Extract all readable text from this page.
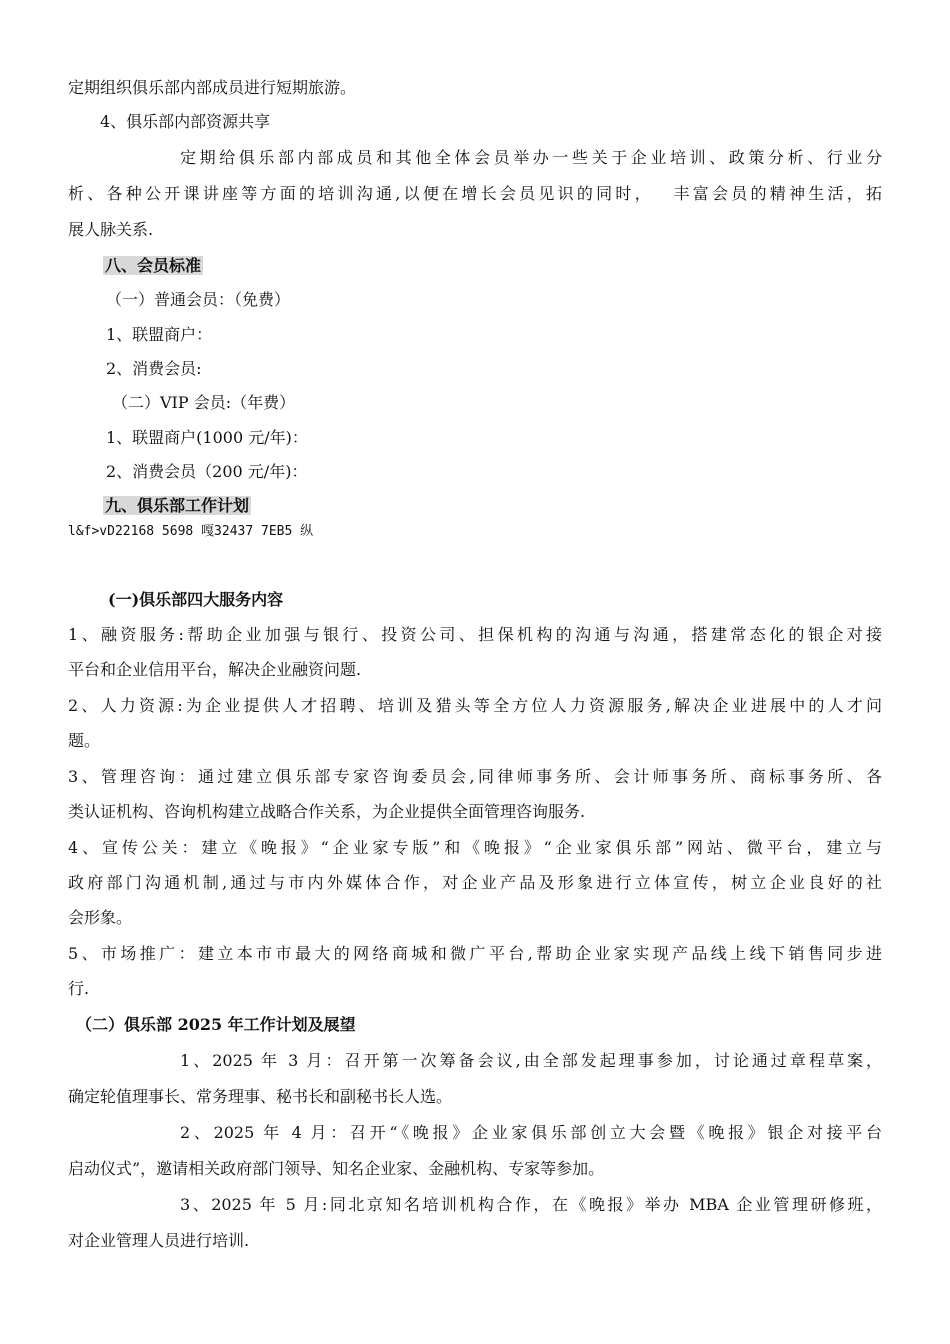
定期组织俱乐部内部成员进行短期旅游。
4、俱乐部内部资源共享
定期给俱乐部内部成员和其他全体会员举办一些关于企业培训、政策分析、行业分
析、各种公开课讲座等方面的培训沟通,以便在增长会员见识的同时，　 丰富会员的精神生活，拓
展人脉关系.
八、会员标准
（一）普通会员：（免费）
1、联盟商户：
2、消费会员:
（二）VIP 会员:（年费）
1、联盟商户(1000 元/年)：
2、消费会员（200 元/年)：
九、俱乐部工作计划
l&f>vD22168 5698 嘎32437 7EB5 纵
(一)俱乐部四大服务内容
1、融资服务:帮助企业加强与银行、投资公司、担保机构的沟通与沟通，搭建常态化的银企对接
平台和企业信用平台，解决企业融资问题.
2、人力资源:为企业提供人才招聘、培训及猎头等全方位人力资源服务,解决企业进展中的人才问
题。
3、管理咨询：通过建立俱乐部专家咨询委员会,同律师事务所、会计师事务所、商标事务所、各
类认证机构、咨询机构建立战略合作关系，为企业提供全面管理咨询服务.
4、宣传公关：建立《晚报》“企业家专版”和《晚报》“企业家俱乐部”网站、微平台，建立与
政府部门沟通机制,通过与市内外媒体合作，对企业产品及形象进行立体宣传，树立企业良好的社
会形象。
5、市场推广：建立本市市最大的网络商城和微广平台,帮助企业家实现产品线上线下销售同步进
行.
（二）俱乐部 2025 年工作计划及展望
1、2025 年 3 月：召开第一次筹备会议,由全部发起理事参加，讨论通过章程草案，
确定轮值理事长、常务理事、秘书长和副秘书长人选。
2、2025 年 4 月：召开“《晚报》企业家俱乐部创立大会暨《晚报》银企对接平台
启动仪式”，邀请相关政府部门领导、知名企业家、金融机构、专家等参加。
3、2025 年 5 月:同北京知名培训机构合作，在《晚报》举办 MBA 企业管理研修班，
对企业管理人员进行培训.
